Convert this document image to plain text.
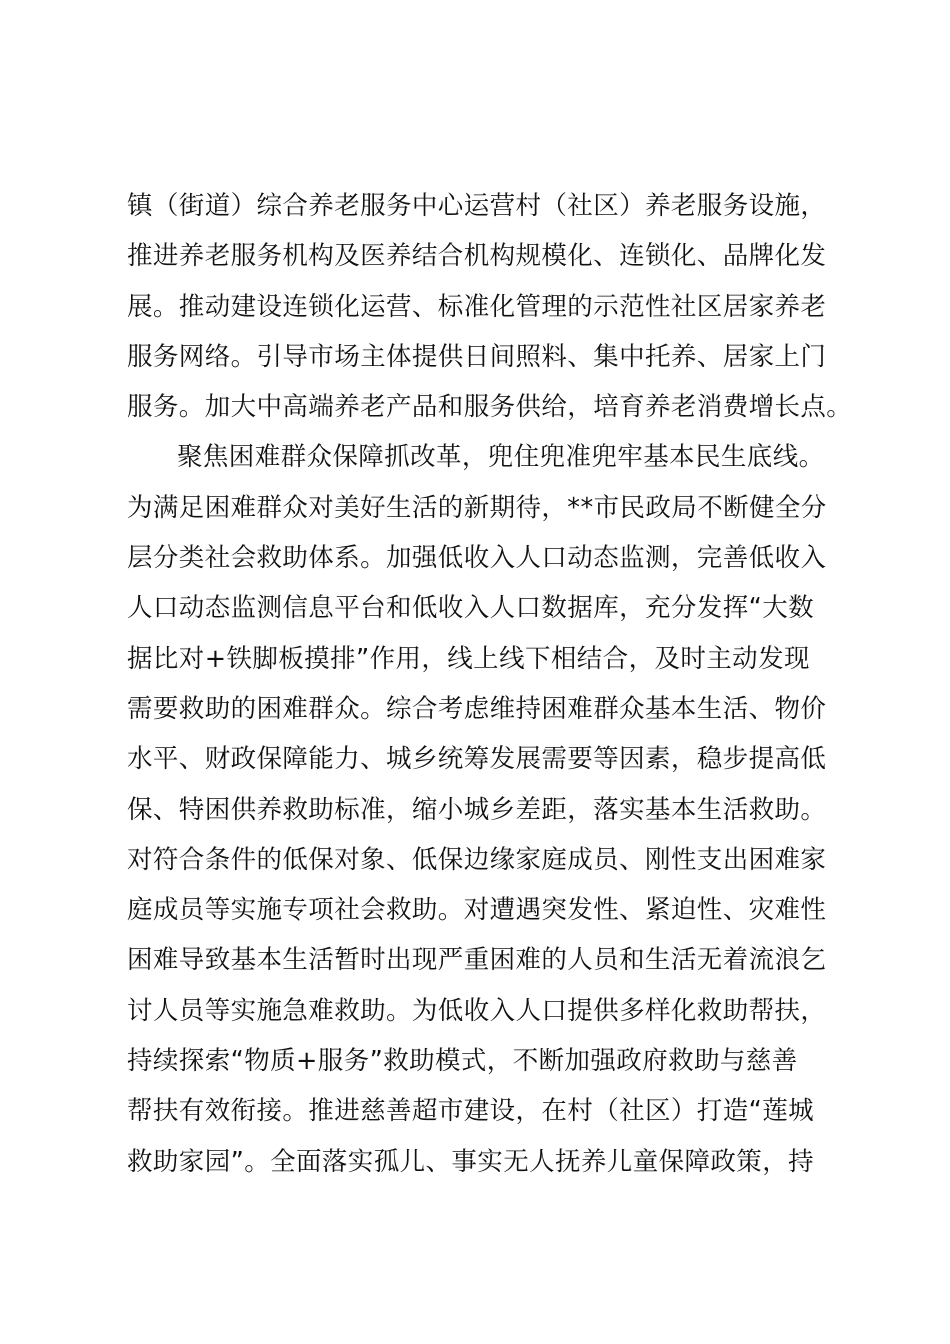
镇（街道）综合养老服务中心运营村（社区）养老服务设施，
推进养老服务机构及医养结合机构规模化、连锁化、品牌化发
展。推动建设连锁化运营、标准化管理的示范性社区居家养老
服务网络。引导市场主体提供日间照料、集中托养、居家上门
服务。加大中高端养老产品和服务供给，培育养老消费增长点。
聚焦困难群众保障抓改革，兜住兜准兜牢基本民生底线。
为满足困难群众对美好生活的新期待，**市民政局不断健全分
层分类社会救助体系。加强低收入人口动态监测，完善低收入
人口动态监测信息平台和低收入人口数据库，充分发挥“大数
据比对+铁脚板摸排”作用，线上线下相结合，及时主动发现
需要救助的困难群众。综合考虑维持困难群众基本生活、物价
水平、财政保障能力、城乡统筹发展需要等因素，稳步提高低
保、特困供养救助标准，缩小城乡差距，落实基本生活救助。
对符合条件的低保对象、低保边缘家庭成员、刚性支出困难家
庭成员等实施专项社会救助。对遭遇突发性、紧迫性、灾难性
困难导致基本生活暂时出现严重困难的人员和生活无着流浪乞
讨人员等实施急难救助。为低收入人口提供多样化救助帮扶，
持续探索“物质+服务”救助模式，不断加强政府救助与慈善
帮扶有效衔接。推进慈善超市建设，在村（社区）打造“莲城
救助家园”。全面落实孤儿、事实无人抚养儿童保障政策，持
